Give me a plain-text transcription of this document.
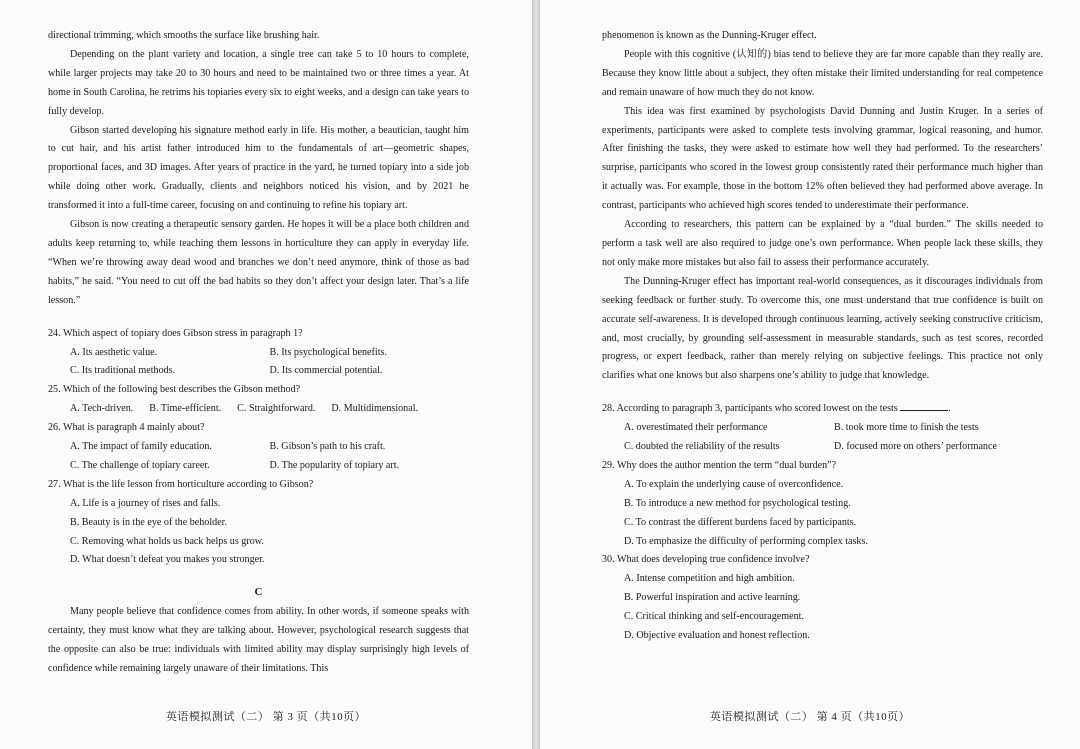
directional trimming, which smooths the surface like brushing hair.

Depending on the plant variety and location, a single tree can take 5 to 10 hours to complete, while larger projects may take 20 to 30 hours and need to be maintained two or three times a year. At home in South Carolina, he retrims his topiaries every six to eight weeks, and a design can take years to fully develop.

Gibson started developing his signature method early in life. His mother, a beautician, taught him to cut hair, and his artist father introduced him to the fundamentals of art—geometric shapes, proportional faces, and 3D images. After years of practice in the yard, he turned topiary into a side job while doing other work. Gradually, clients and neighbors noticed his vision, and by 2021 he transformed it into a full-time career, focusing on and continuing to refine his topiary art.

Gibson is now creating a therapeutic sensory garden. He hopes it will be a place both children and adults keep returning to, while teaching them lessons in horticulture they can apply in everyday life. “When we’re throwing away dead wood and branches we don’t need anymore, think of those as bad habits,” he said. “You need to cut off the bad habits so they don’t affect your design later. That’s a life lesson.”

24. Which aspect of topiary does Gibson stress in paragraph 1?

A. Its aesthetic value.	B. Its psychological benefits.
C. Its traditional methods.	D. Its commercial potential.

25. Which of the following best describes the Gibson method?

A. Tech-driven. B. Time-efficient. C. Straightforward. D. Multidimensional.

26. What is paragraph 4 mainly about?

A. The impact of family education.	B. Gibson’s path to his craft.
C. The challenge of topiary career.	D. The popularity of topiary art.

27. What is the life lesson from horticulture according to Gibson?

A. Life is a journey of rises and falls.

B. Beauty is in the eye of the beholder.

C. Removing what holds us back helps us grow.

D. What doesn’t defeat you makes you stronger.

C

Many people believe that confidence comes from ability. In other words, if someone speaks with certainty, they must know what they are talking about. However, psychological research suggests that the opposite can also be true: individuals with limited ability may display surprisingly high levels of confidence while remaining largely unaware of their limitations. This

英语模拟测试（二） 第 3 页（共10页）

phenomenon is known as the Dunning-Kruger effect.

People with this cognitive (认知的) bias tend to believe they are far more capable than they really are. Because they know little about a subject, they often mistake their limited understanding for real competence and remain unaware of how much they do not know.

This idea was first examined by psychologists David Dunning and Justin Kruger. In a series of experiments, participants were asked to complete tests involving grammar, logical reasoning, and humor. After finishing the tasks, they were asked to estimate how well they had performed. To the researchers’ surprise, participants who scored in the lowest group consistently rated their performance much higher than it actually was. For example, those in the bottom 12% often believed they had performed above average. In contrast, participants who achieved high scores tended to underestimate their performance.

According to researchers, this pattern can be explained by a “dual burden.” The skills needed to perform a task well are also required to judge one’s own performance. When people lack these skills, they not only make more mistakes but also fail to assess their performance accurately.

The Dunning-Kruger effect has important real-world consequences, as it discourages individuals from seeking feedback or further study. To overcome this, one must understand that true confidence is built on accurate self-awareness. It is developed through continuous learning, actively seeking constructive criticism, and, most crucially, by grounding self-assessment in measurable standards, such as test scores, recorded progress, or expert feedback, rather than merely relying on subjective feelings. This practice not only clarifies what one knows but also sharpens one’s ability to judge that knowledge.

28. According to paragraph 3, participants who scored lowest on the tests	.

A. overestimated their performance	B. took more time to finish the tests
C. doubted the reliability of the results	D. focused more on others’ performance

29. Why does the author mention the term “dual burden”?

A. To explain the underlying cause of overconfidence.

B. To introduce a new method for psychological testing.

C. To contrast the different burdens faced by participants.

D. To emphasize the difficulty of performing complex tasks.

30. What does developing true confidence involve?

A. Intense competition and high ambition.

B. Powerful inspiration and active learning.

C. Critical thinking and self-encouragement.

D. Objective evaluation and honest reflection.

英语模拟测试（二） 第 4 页（共10页）
